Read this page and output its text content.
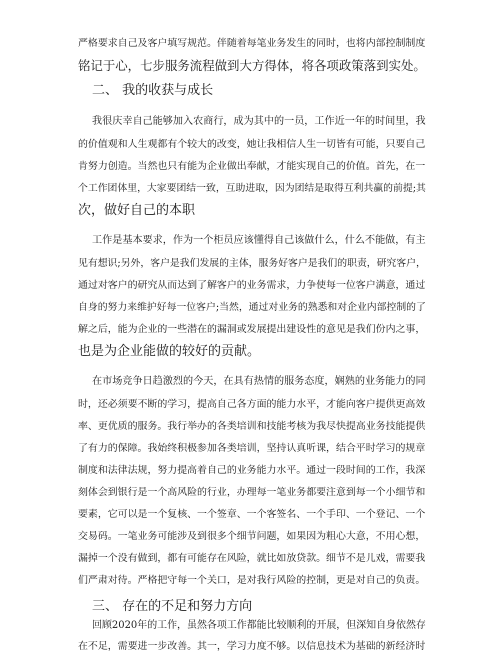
严格要求自己及客户填写规范。伴随着每笔业务发生的同时，也将内部控制制度
铭记于心，七步服务流程做到大方得体，将各项政策落到实处。
二、 我的收获与成长
我很庆幸自己能够加入农商行，成为其中的一员，工作近一年的时间里，我
的价值观和人生观都有个较大的改变，她让我相信人生一切皆有可能，只要自己
肯努力创造。当然也只有能为企业做出奉献，才能实现自己的价值。首先，在一
个工作团体里，大家要团结一致，互助进取，因为团结是取得互利共赢的前提;其
次，做好自己的本职
工作是基本要求，作为一个柜员应该懂得自己该做什么，什么不能做，有主
见有想识;另外，客户是我们发展的主体，服务好客户是我们的职责，研究客户，
通过对客户的研究从而达到了解客户的业务需求，力争使每一位客户满意，通过
自身的努力来维护好每一位客户;当然，通过对业务的熟悉和对企业内部控制的了
解之后，能为企业的一些潜在的漏洞或发展提出建设性的意见是我们份内之事，
也是为企业能做的较好的贡献。
在市场竞争日趋激烈的今天，在具有热情的服务态度，娴熟的业务能力的同
时，还必须要不断的学习，提高自己各方面的能力水平，才能向客户提供更高效
率、更优质的服务。我行举办的各类培训和技能考核为我尽快提高业务技能提供
了有力的保障。我始终积极参加各类培训，坚持认真听课，结合平时学习的规章
制度和法律法规，努力提高着自己的业务能力水平。通过一段时间的工作，我深
刻体会到银行是一个高风险的行业，办理每一笔业务都要注意到每一个小细节和
要素，它可以是一个复核、一个签章、一个客签名、一个手印、一个登记、一个
交易码。一笔业务可能涉及到很多个细节问题，如果因为粗心大意，不用心想，
漏掉一个没有做到，都有可能存在风险，就比如放贷款。细节不是儿戏，需要我
们严肃对待。严格把守每一个关口，是对我行风险的控制，更是对自己的负责。
三、 存在的不足和努力方向
回顾2020年的工作，虽然各项工作都能比较顺利的开展，但深知自身依然存
在不足，需要进一步改善。其一，学习力度不够。以信息技术为基础的新经济时
